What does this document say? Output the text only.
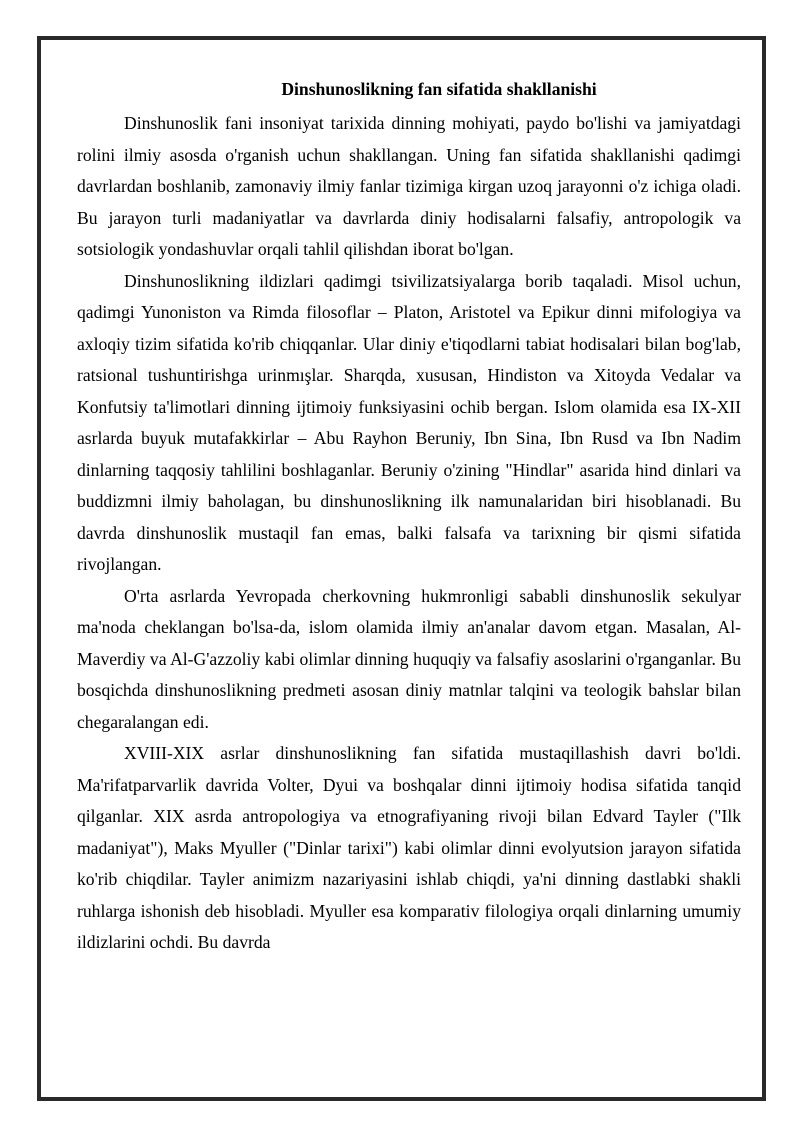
Dinshunoslikning fan sifatida shakllanishi

Dinshunoslik fani insoniyat tarixida dinning mohiyati, paydo bo'lishi va jamiyatdagi rolini ilmiy asosda o'rganish uchun shakllangan. Uning fan sifatida shakllanishi qadimgi davrlardan boshlanib, zamonaviy ilmiy fanlar tizimiga kirgan uzoq jarayonni o'z ichiga oladi. Bu jarayon turli madaniyatlar va davrlarda diniy hodisalarni falsafiy, antropologik va sotsiologik yondashuvlar orqali tahlil qilishdan iborat bo'lgan.

Dinshunoslikning ildizlari qadimgi tsivilizatsiyalarga borib taqaladi. Misol uchun, qadimgi Yunoniston va Rimda filosoflar – Platon, Aristotel va Epikur dinni mifologiya va axloqiy tizim sifatida ko'rib chiqqanlar. Ular diniy e'tiqodlarni tabiat hodisalari bilan bog'lab, ratsional tushuntirishga urinmışlar. Sharqda, xususan, Hindiston va Xitoyda Vedalar va Konfutsiy ta'limotlari dinning ijtimoiy funksiyasini ochib bergan. Islom olamida esa IX-XII asrlarda buyuk mutafakkirlar – Abu Rayhon Beruniy, Ibn Sina, Ibn Rusd va Ibn Nadim dinlarning taqqosiy tahlilini boshlaganlar. Beruniy o'zining "Hindlar" asarida hind dinlari va buddizmni ilmiy baholagan, bu dinshunoslikning ilk namunalaridan biri hisoblanadi. Bu davrda dinshunoslik mustaqil fan emas, balki falsafa va tarixning bir qismi sifatida rivojlangan.

O'rta asrlarda Yevropada cherkovning hukmronligi sababli dinshunoslik sekulyar ma'noda cheklangan bo'lsa-da, islom olamida ilmiy an'analar davom etgan. Masalan, Al-Maverdiy va Al-G'azzoliy kabi olimlar dinning huquqiy va falsafiy asoslarini o'rganganlar. Bu bosqichda dinshunoslikning predmeti asosan diniy matnlar talqini va teologik bahslar bilan chegaralangan edi.

XVIII-XIX asrlar dinshunoslikning fan sifatida mustaqillashish davri bo'ldi. Ma'rifatparvarlik davrida Volter, Dyui va boshqalar dinni ijtimoiy hodisa sifatida tanqid qilganlar. XIX asrda antropologiya va etnografiyaning rivoji bilan Edvard Tayler ("Ilk madaniyat"), Maks Myuller ("Dinlar tarixi") kabi olimlar dinni evolyutsion jarayon sifatida ko'rib chiqdilar. Tayler animizm nazariyasini ishlab chiqdi, ya'ni dinning dastlabki shakli ruhlarga ishonish deb hisobladi. Myuller esa komparativ filologiya orqali dinlarning umumiy ildizlarini ochdi. Bu davrda
